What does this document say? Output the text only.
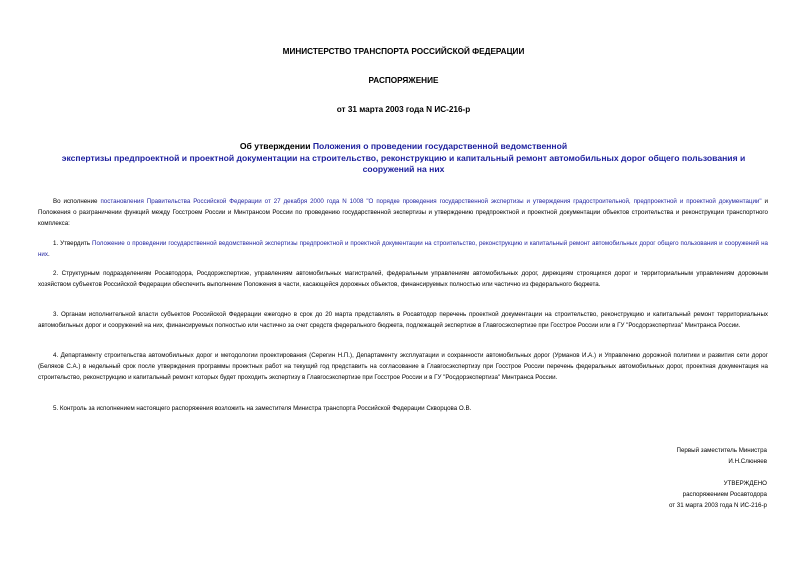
МИНИСТЕРСТВО ТРАНСПОРТА РОССИЙСКОЙ ФЕДЕРАЦИИ
РАСПОРЯЖЕНИЕ
от 31 марта 2003 года N ИС-216-р
Об утверждении Положения о проведении государственной ведомственной
экспертизы предпроектной и проектной документации на строительство, реконструкцию и капитальный ремонт автомобильных дорог общего пользования и
сооружений на них

Во исполнение постановления Правительства Российской Федерации от 27 декабря 2000 года N 1008 "О порядке проведения государственной экспертизы и утверждения градостроительной, предпроектной и проектной документации" и Положения о разграничении функций между Госстроем России и Минтрансом России по проведению государственной экспертизы и утверждению предпроектной и проектной документации объектов строительства и реконструкции транспортного комплекса:

1. Утвердить Положение о проведении государственной ведомственной экспертизы предпроектной и проектной документации на строительство, реконструкцию и капитальный ремонт автомобильных дорог общего пользования и сооружений на них.

2. Структурным подразделениям Росавтодора, Росдорэкспертизе, управлениям автомобильных магистралей, федеральным управлениям автомобильных дорог, дирекциям строящихся дорог и территориальным управлениям дорожным хозяйством субъектов Российской Федерации обеспечить выполнение Положения в части, касающейся дорожных объектов, финансируемых полностью или частично из федерального бюджета.

3. Органам исполнительной власти субъектов Российской Федерации ежегодно в срок до 20 марта представлять в Росавтодор перечень проектной документации на строительство, реконструкцию и капитальный ремонт территориальных автомобильных дорог и сооружений на них, финансируемых полностью или частично за счет средств федерального бюджета, подлежащей экспертизе в Главгосэкспертизе при Госстрое России или в ГУ "Росдорэкспертиза" Минтранса России.

4. Департаменту строительства автомобильных дорог и методологии проектирования (Серегин Н.П.), Департаменту эксплуатации и сохранности автомобильных дорог (Урманов И.А.) и Управлению дорожной политики и развития сети дорог (Беляков С.А.) в недельный срок после утверждения программы проектных работ на текущий год представить на согласование в Главгосэкспертизу при Госстрое России перечень федеральных автомобильных дорог, проектная документация на строительство, реконструкцию и капитальный ремонт которых будет проходить экспертизу в Главгосэкспертизе при Госстрое России и в ГУ "Росдорэкспертиза" Минтранса России.

5. Контроль за исполнением настоящего распоряжения возложить на заместителя Министра транспорта Российской Федерации Скворцова О.В.

Первый заместитель Министра
И.Н.Слюняев
УТВЕРЖДЕНО
распоряжением Росавтодора
от 31 марта 2003 года N ИС-216-р
